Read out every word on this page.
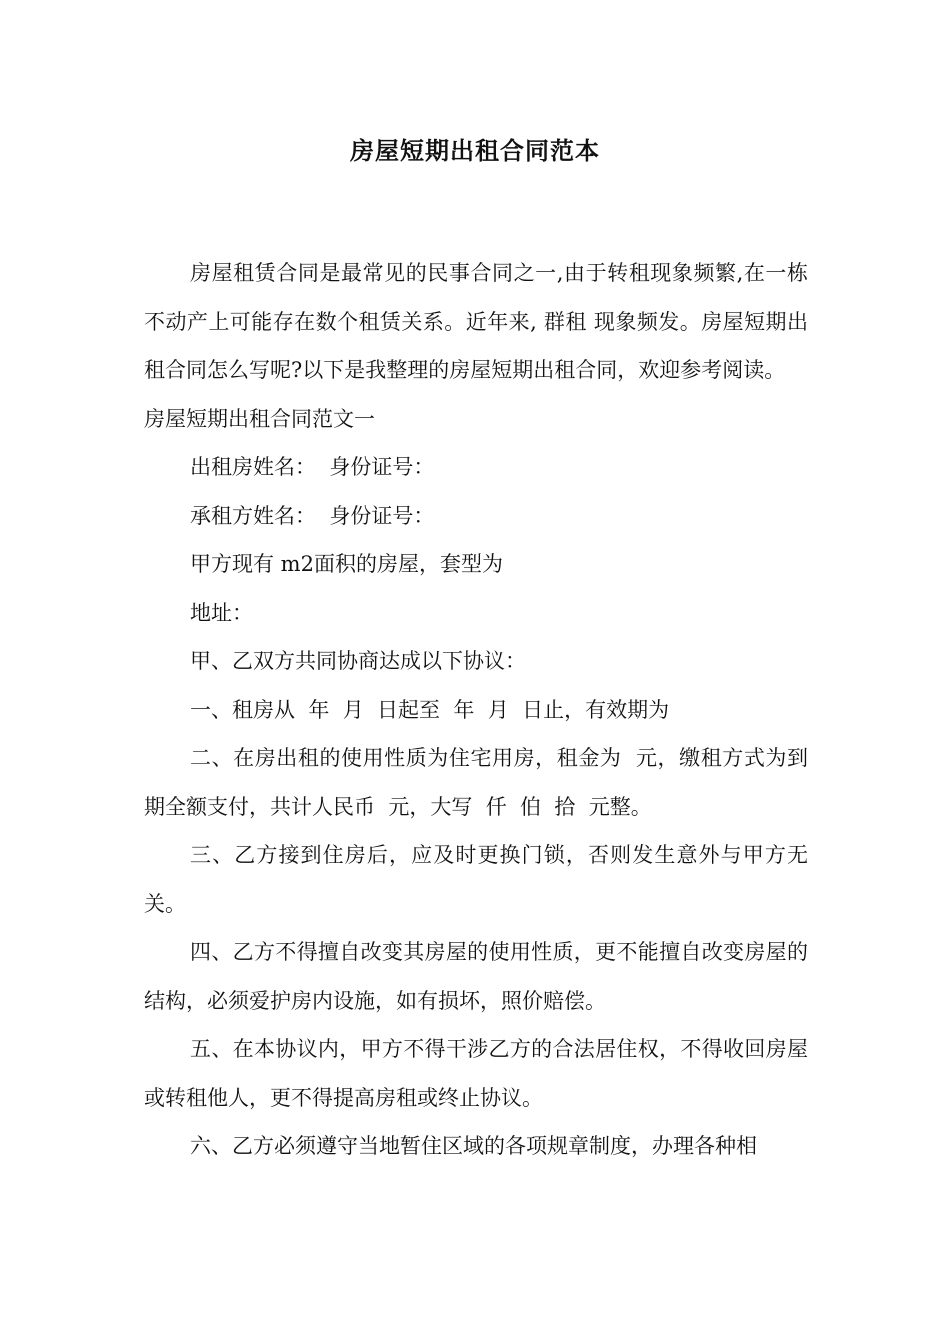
房屋短期出租合同范本

房屋租赁合同是最常见的民事合同之一,由于转租现象频繁,在一栋不动产上可能存在数个租赁关系。近年来, 群租 现象频发。房屋短期出租合同怎么写呢?以下是我整理的房屋短期出租合同，欢迎参考阅读。

房屋短期出租合同范文一

出租房姓名：  身份证号：

承租方姓名：  身份证号：

甲方现有 m2面积的房屋，套型为

地址：

甲、乙双方共同协商达成以下协议：

一、租房从  年  月  日起至  年  月  日止，有效期为

二、在房出租的使用性质为住宅用房，租金为  元，缴租方式为到期全额支付，共计人民币  元，大写  仟  伯  拾  元整。

三、乙方接到住房后，应及时更换门锁，否则发生意外与甲方无关。

四、乙方不得擅自改变其房屋的使用性质，更不能擅自改变房屋的结构，必须爱护房内设施，如有损坏，照价赔偿。

五、在本协议内，甲方不得干涉乙方的合法居住权，不得收回房屋或转租他人，更不得提高房租或终止协议。

六、乙方必须遵守当地暂住区域的各项规章制度，办理各种相
